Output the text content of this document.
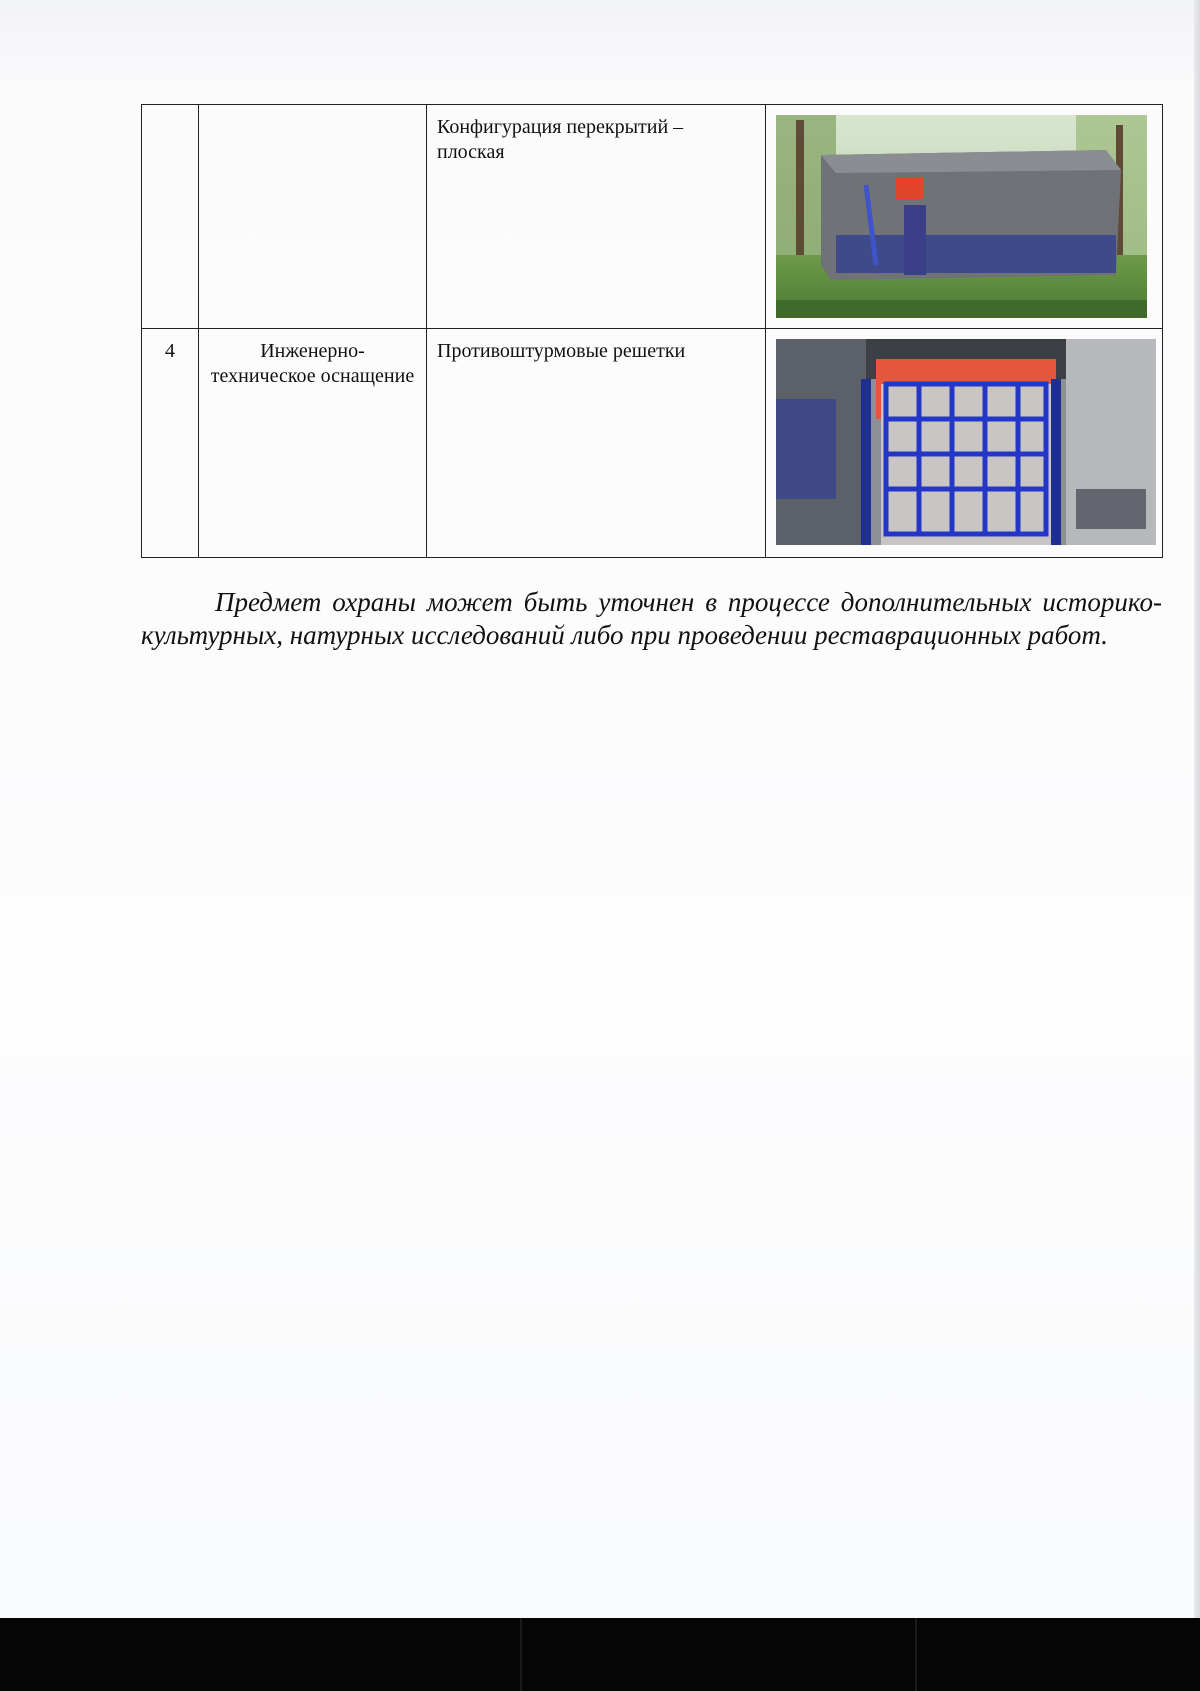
		Конфигурация перекрытий – плоская	

4	Инженерно-техническое оснащение	Противоштурмовые решетки	

Предмет охраны может быть уточнен в процессе дополнительных историко-культурных, натурных исследований либо при проведении реставрационных работ.
